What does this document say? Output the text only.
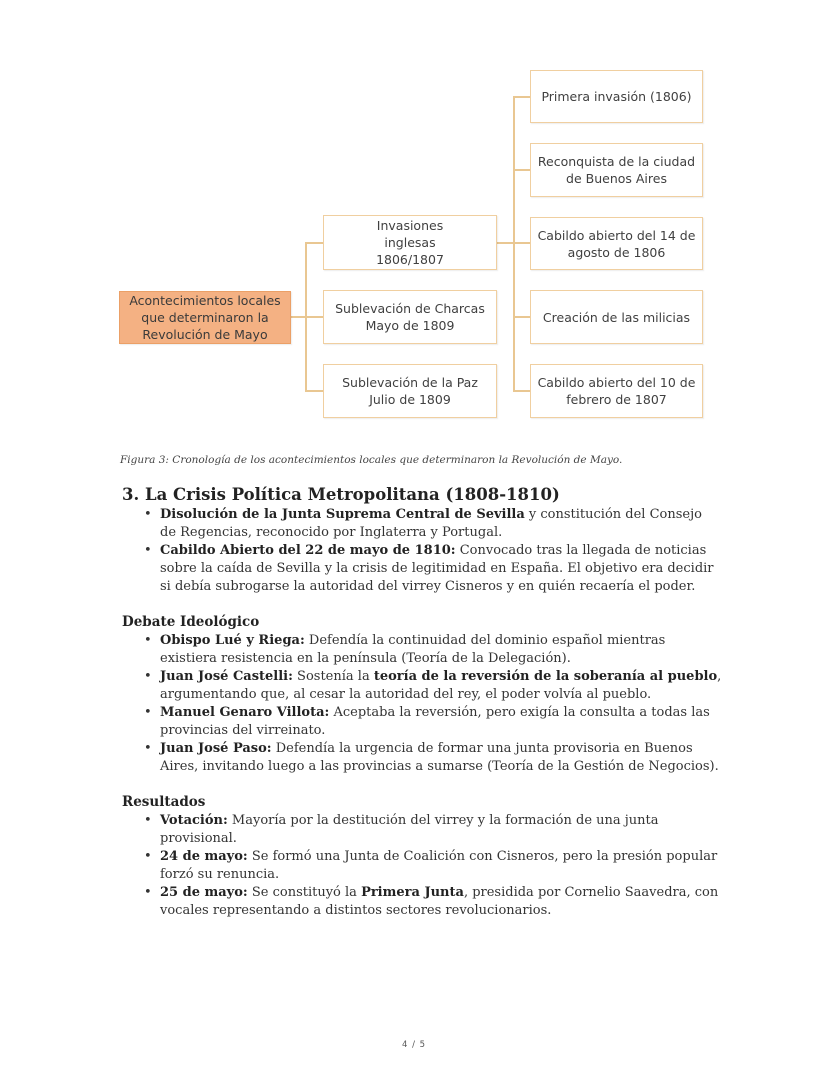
Acontecimientos locales que determinaron la Revolución de Mayo
Invasiones inglesas 1806/1807
Sublevación de Charcas Mayo de 1809
Sublevación de la Paz Julio de 1809
Primera invasión (1806)
Reconquista de la ciudad de Buenos Aires
Cabildo abierto del 14 de agosto de 1806
Creación de las milicias
Cabildo abierto del 10 de febrero de 1807
Figura 3: Cronología de los acontecimientos locales que determinaron la Revolución de Mayo.
3. La Crisis Política Metropolitana (1808-1810)
• Disolución de la Junta Suprema Central de Sevilla y constitución del Consejo de Regencias, reconocido por Inglaterra y Portugal.
• Cabildo Abierto del 22 de mayo de 1810: Convocado tras la llegada de noticias sobre la caída de Sevilla y la crisis de legitimidad en España. El objetivo era decidir si debía subrogarse la autoridad del virrey Cisneros y en quién recaería el poder.
Debate Ideológico
• Obispo Lué y Riega: Defendía la continuidad del dominio español mientras existiera resistencia en la península (Teoría de la Delegación).
• Juan José Castelli: Sostenía la teoría de la reversión de la soberanía al pueblo, argumentando que, al cesar la autoridad del rey, el poder volvía al pueblo.
• Manuel Genaro Villota: Aceptaba la reversión, pero exigía la consulta a todas las provincias del virreinato.
• Juan José Paso: Defendía la urgencia de formar una junta provisoria en Buenos Aires, invitando luego a las provincias a sumarse (Teoría de la Gestión de Negocios).
Resultados
• Votación: Mayoría por la destitución del virrey y la formación de una junta provisional.
• 24 de mayo: Se formó una Junta de Coalición con Cisneros, pero la presión popular forzó su renuncia.
• 25 de mayo: Se constituyó la Primera Junta, presidida por Cornelio Saavedra, con vocales representando a distintos sectores revolucionarios.
4 / 5
